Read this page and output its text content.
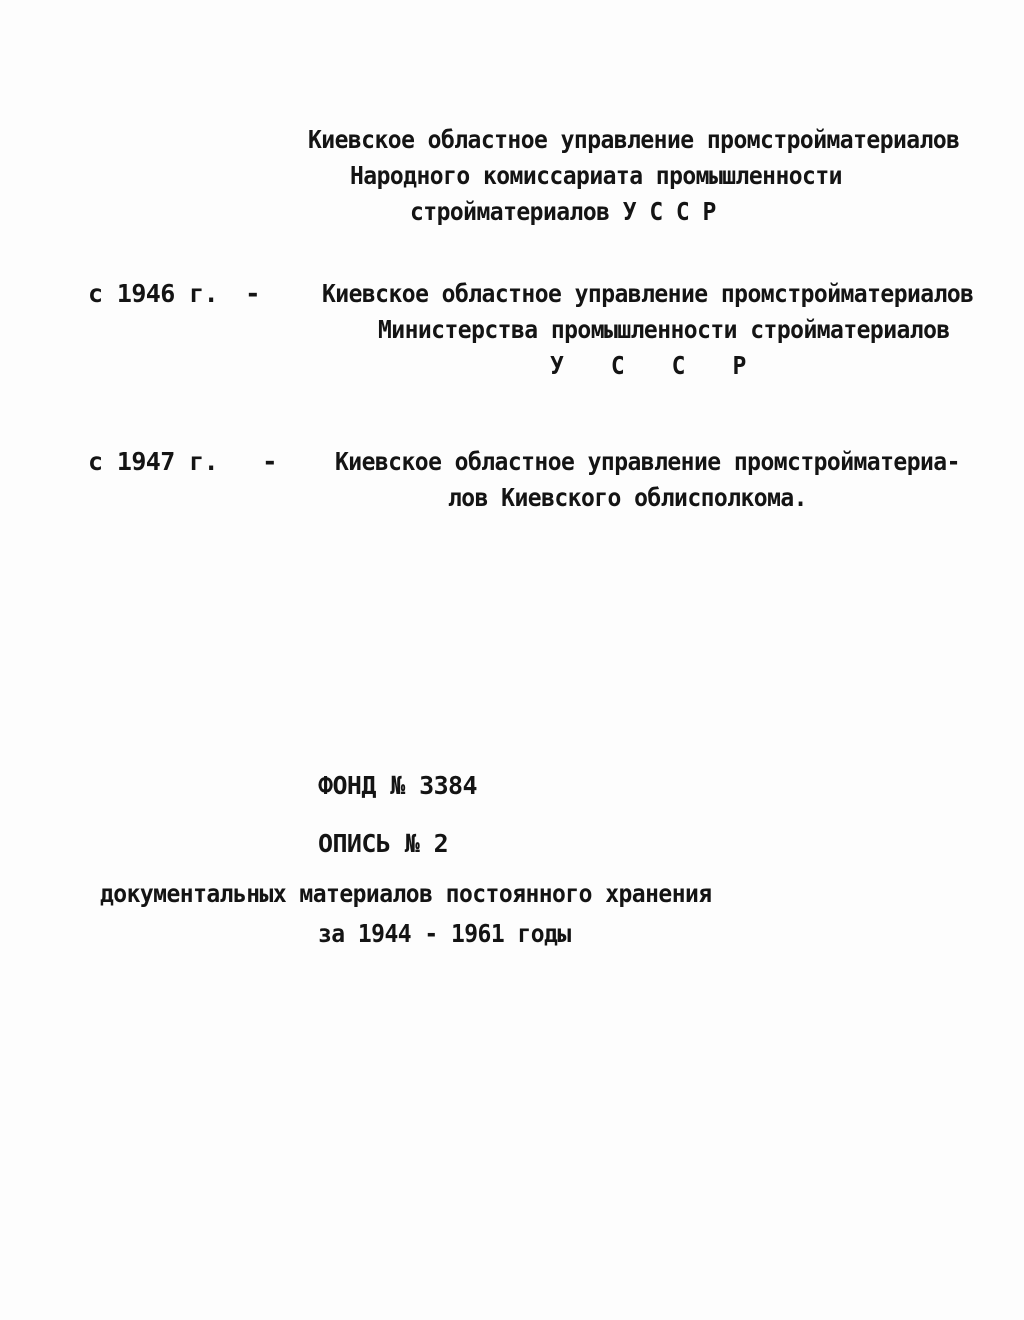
Киевское областное управление промстройматериалов
Народного комиссариата промышленности
стройматериалов У С С Р
с 1946 г. - Киевское областное управление промстройматериалов
Министерства промышленности стройматериалов
У С С Р
с 1947 г. - Киевское областное управление промстройматериа-
лов Киевского облисполкома.
ФОНД № 3384
ОПИСЬ № 2
документальных материалов постоянного хранения
за 1944 - 1961 годы
